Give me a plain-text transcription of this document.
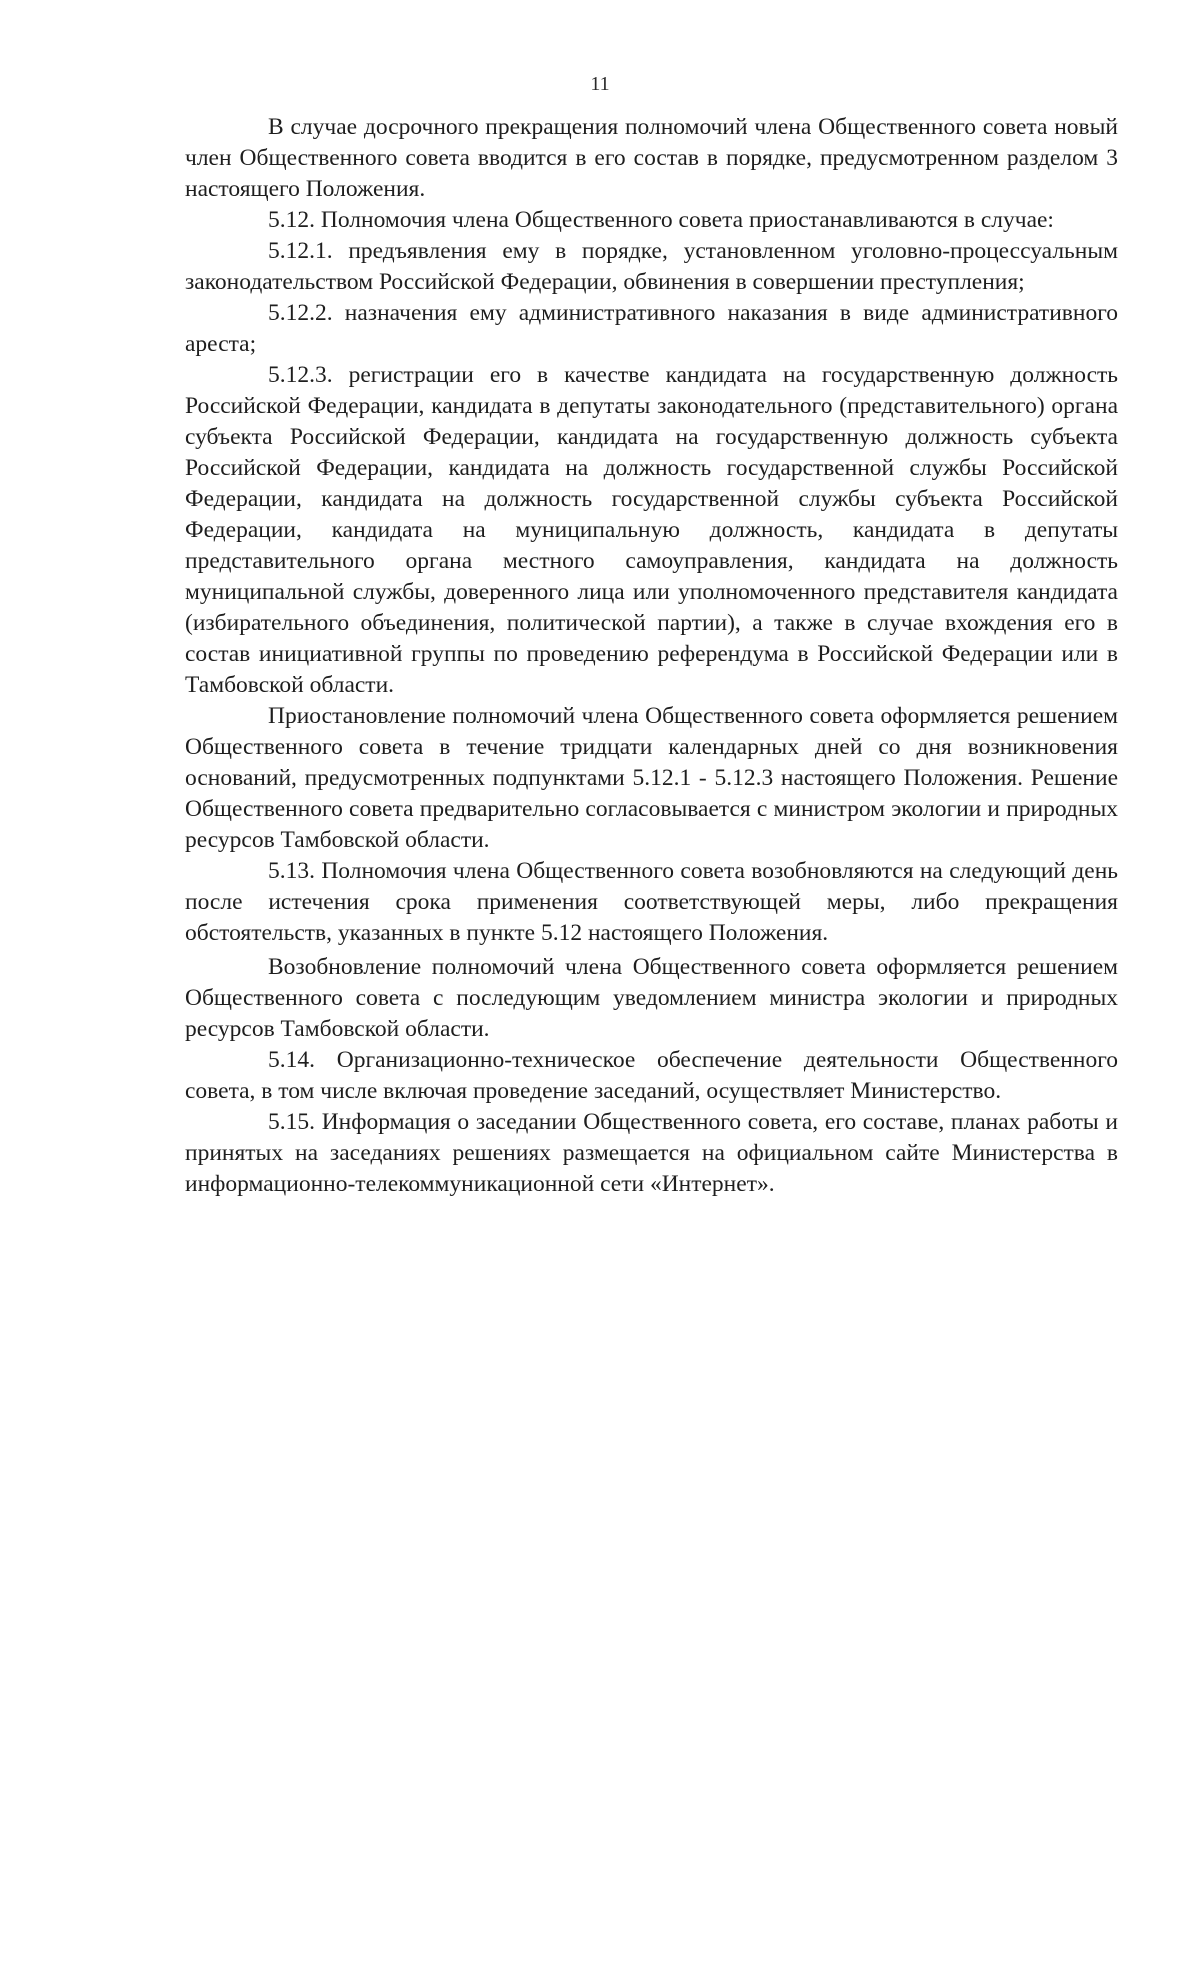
11

В случае досрочного прекращения полномочий члена Общественного совета новый член Общественного совета вводится в его состав в порядке, предусмотренном разделом 3 настоящего Положения.

5.12. Полномочия члена Общественного совета приостанавливаются в случае:

5.12.1. предъявления ему в порядке, установленном уголовно-процессуальным законодательством Российской Федерации, обвинения в совершении преступления;

5.12.2. назначения ему административного наказания в виде административного ареста;

5.12.3. регистрации его в качестве кандидата на государственную должность Российской Федерации, кандидата в депутаты законодательного (представительного) органа субъекта Российской Федерации, кандидата на государственную должность субъекта Российской Федерации, кандидата на должность государственной службы Российской Федерации, кандидата на должность государственной службы субъекта Российской Федерации, кандидата на муниципальную должность, кандидата в депутаты представительного органа местного самоуправления, кандидата на должность муниципальной службы, доверенного лица или уполномоченного представителя кандидата (избирательного объединения, политической партии), а также в случае вхождения его в состав инициативной группы по проведению референдума в Российской Федерации или в Тамбовской области.

Приостановление полномочий члена Общественного совета оформляется решением Общественного совета в течение тридцати календарных дней со дня возникновения оснований, предусмотренных подпунктами 5.12.1 - 5.12.3 настоящего Положения. Решение Общественного совета предварительно согласовывается с министром экологии и природных ресурсов Тамбовской области.

5.13. Полномочия члена Общественного совета возобновляются на следующий день после истечения срока применения соответствующей меры, либо прекращения обстоятельств, указанных в пункте 5.12 настоящего Положения.

Возобновление полномочий члена Общественного совета оформляется решением Общественного совета с последующим уведомлением министра экологии и природных ресурсов Тамбовской области.

5.14. Организационно-техническое обеспечение деятельности Общественного совета, в том числе включая проведение заседаний, осуществляет Министерство.

5.15. Информация о заседании Общественного совета, его составе, планах работы и принятых на заседаниях решениях размещается на официальном сайте Министерства в информационно-телекоммуникационной сети «Интернет».
